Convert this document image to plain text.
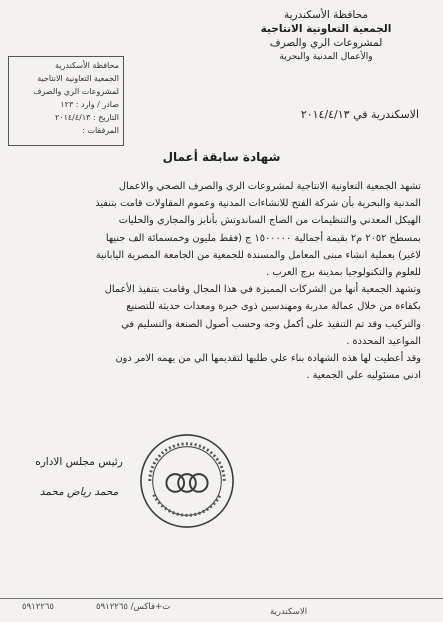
محافظة الأسكندرية
الجمعية التعاونية الانتاجية
لمشروعات الري والصرف
والأعمال المدنية والبحرية
محافظة الأسكندرية
الجمعية التعاونية الانتاجية
لمشروعات الري والصرف
صادر / وارد : ١٢٣
التاريخ : ٢٠١٤/٤/١٣
المرفقات :
الاسكندرية في ٢٠١٤/٤/١٣
شهادة سابقة أعمال
تشهد الجمعية التعاونية الانتاجية لمشروعات الري والصرف الصحي والاعمال
المدنية والبحرية بأن شركة الفتح للانشاءات المدنية وعموم المقاولات قامت بتنفيذ
الهيكل المعدني والتنظيمات من الصاج الساندوتش بأنابز والمجاري والحليات
بمسطح ٢٠٥٢ م٢ بقيمة أجمالية ١٥٠٠٠٠٠ ج (فقط مليون وخمسمائة الف جنيها
لاغير) بعملية انشاء مبنى المعامل والمسندة للجمعية من الجامعة المصرية اليابانية
للعلوم والتكنولوجيا بمدينة برج العرب .
وتشهد الجمعية أنها من الشركات المميزة في هذا المجال وقامت بتنفيذ الأعمال
بكفاءة من خلال عمالة مدربة ومهندسين ذوى خبرة ومعدات حديثة للتصنيع
والتركيب وقد تم التنفيذ على أكمل وجه وحسب أصول الصنعة والتسليم في
المواعيد المحددة .
وقد أعطيت لها هذه الشهادة بناء علي طلبها لتقديمها الي من يهمه الامر دون
ادني مسئوليه علي الجمعية .
رئيس مجلس الاداره
محمد رياض محمد
٥٩١٢٢٦٥	ت+فاكس/ ٥٩١٢٢٦٥	الاسكندرية
